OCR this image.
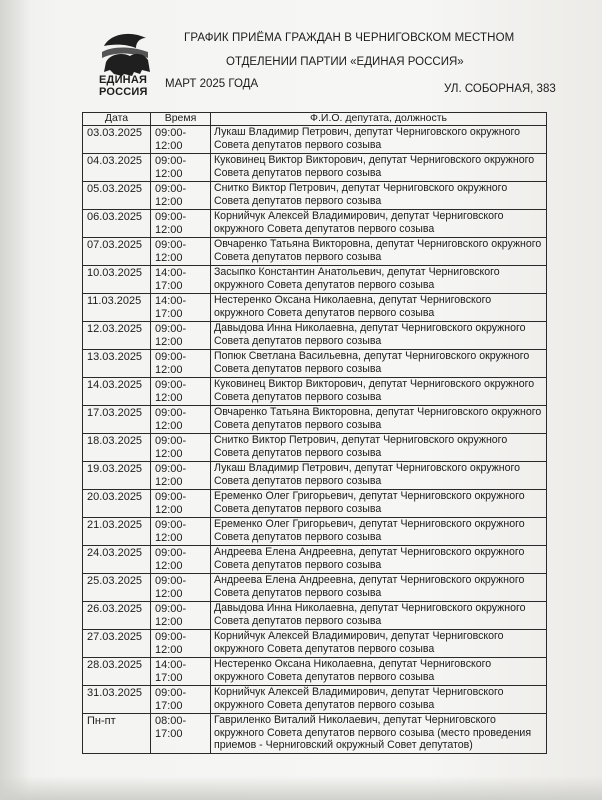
ЕДИНАЯ
РОССИЯ
ГРАФИК ПРИЁМА ГРАЖДАН В ЧЕРНИГОВСКОМ МЕСТНОМ
ОТДЕЛЕНИИ ПАРТИИ «ЕДИНАЯ РОССИЯ»
МАРТ 2025 ГОДА	УЛ. СОБОРНАЯ, 383
Дата	Время	Ф.И.О. депутата, должность
03.03.2025	09:00-12:00	Лукаш Владимир Петрович, депутат Черниговского окружного
Совета депутатов первого созыва

04.03.2025	09:00-12:00	Куковинец Виктор Викторович, депутат Черниговского окружного
Совета депутатов первого созыва

05.03.2025	09:00-12:00	Снитко Виктор Петрович, депутат Черниговского окружного
Совета депутатов первого созыва

06.03.2025	09:00-12:00	Корнийчук Алексей Владимирович, депутат Черниговского
окружного Совета депутатов первого созыва

07.03.2025	09:00-12:00	Овчаренко Татьяна Викторовна, депутат Черниговского окружного
Совета депутатов первого созыва

10.03.2025	14:00-17:00	Засыпко Константин Анатольевич, депутат Черниговского
окружного Совета депутатов первого созыва

11.03.2025	14:00-17:00	Нестеренко Оксана Николаевна, депутат Черниговского
окружного Совета депутатов первого созыва

12.03.2025	09:00-12:00	Давыдова Инна Николаевна, депутат Черниговского окружного
Совета депутатов первого созыва

13.03.2025	09:00-12:00	Попюк Светлана Васильевна, депутат Черниговского окружного
Совета депутатов первого созыва

14.03.2025	09:00-12:00	Куковинец Виктор Викторович, депутат Черниговского окружного
Совета депутатов первого созыва

17.03.2025	09:00-12:00	Овчаренко Татьяна Викторовна, депутат Черниговского окружного
Совета депутатов первого созыва

18.03.2025	09:00-12:00	Снитко Виктор Петрович, депутат Черниговского окружного
Совета депутатов первого созыва

19.03.2025	09:00-12:00	Лукаш Владимир Петрович, депутат Черниговского окружного
Совета депутатов первого созыва

20.03.2025	09:00-12:00	Еременко Олег Григорьевич, депутат Черниговского окружного
Совета депутатов первого созыва

21.03.2025	09:00-12:00	Еременко Олег Григорьевич, депутат Черниговского окружного
Совета депутатов первого созыва

24.03.2025	09:00-12:00	Андреева Елена Андреевна, депутат Черниговского окружного
Совета депутатов первого созыва

25.03.2025	09:00-12:00	Андреева Елена Андреевна, депутат Черниговского окружного
Совета депутатов первого созыва

26.03.2025	09:00-12:00	Давыдова Инна Николаевна, депутат Черниговского окружного
Совета депутатов первого созыва

27.03.2025	09:00-12:00	Корнийчук Алексей Владимирович, депутат Черниговского
окружного Совета депутатов первого созыва

28.03.2025	14:00-17:00	Нестеренко Оксана Николаевна, депутат Черниговского
окружного Совета депутатов первого созыва

31.03.2025	09:00-17:00	Корнийчук Алексей Владимирович, депутат Черниговского
окружного Совета депутатов первого созыва

Пн-пт	08:00-17:00	Гавриленко Виталий Николаевич, депутат Черниговского
окружного Совета депутатов первого созыва (место проведения
приемов - Черниговский окружный Совет депутатов)
